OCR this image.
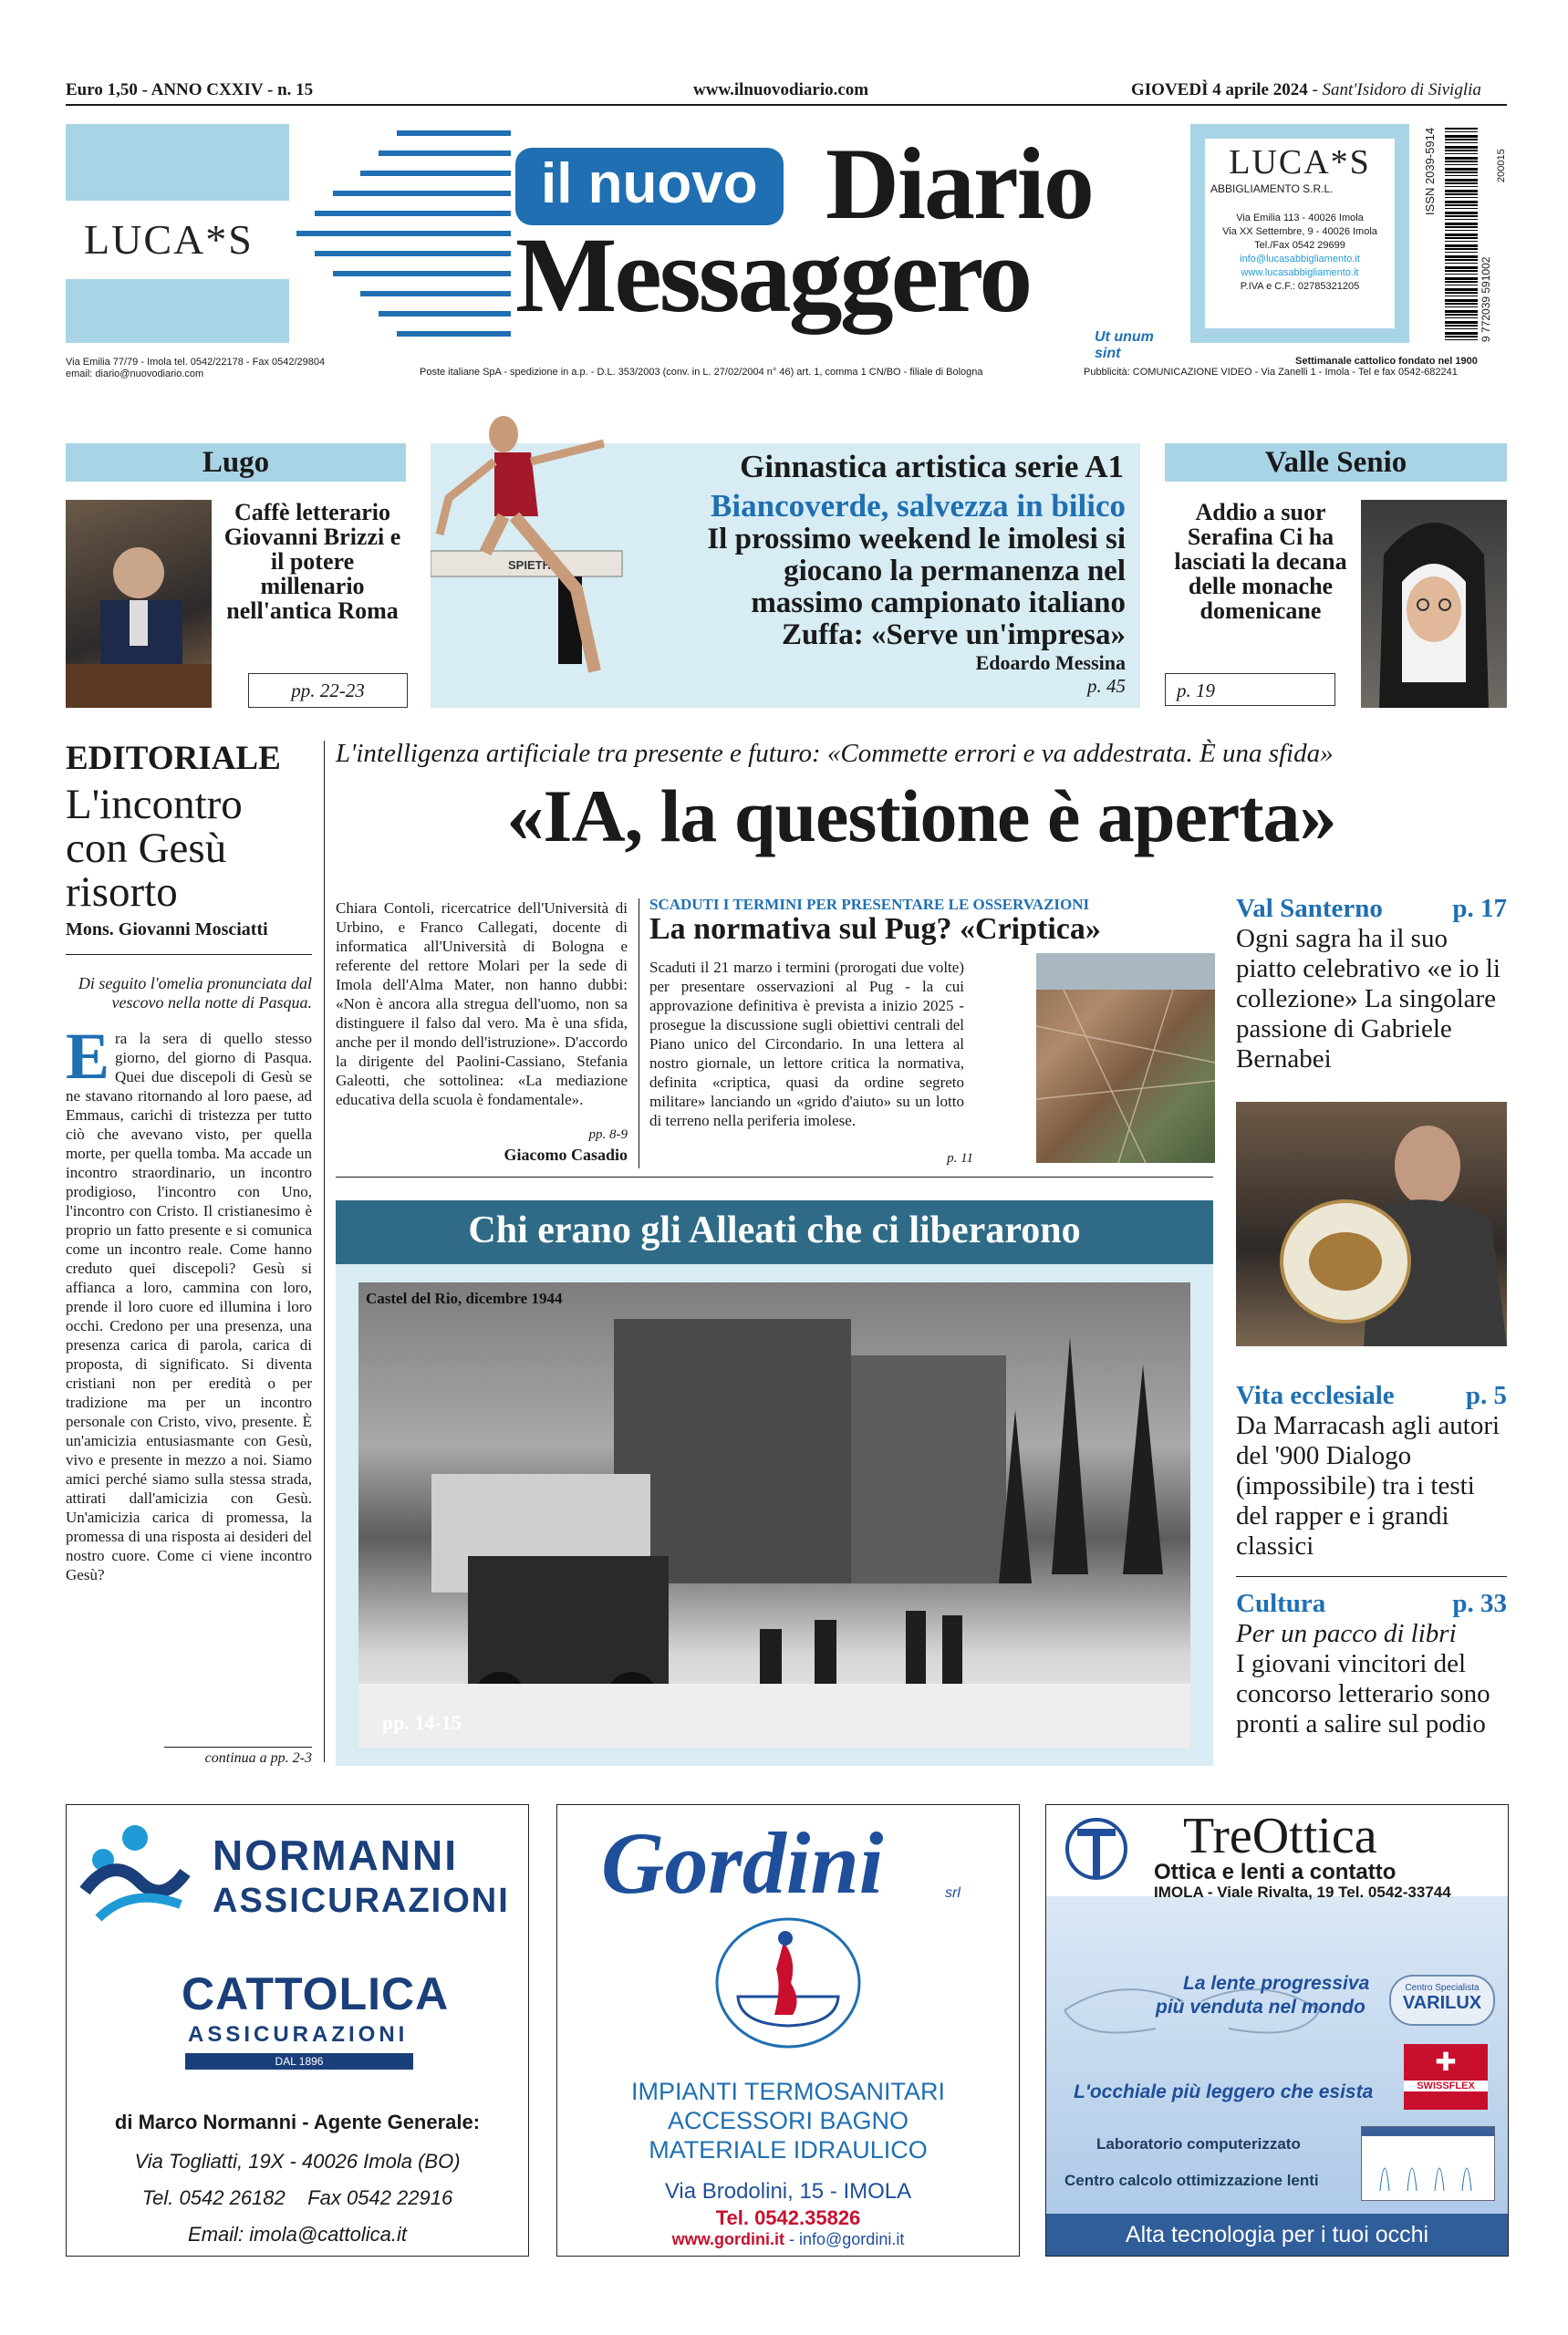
Euro 1,50 - ANNO CXXIV - n. 15	www.ilnuovodiario.com	GIOVEDÌ 4 aprile 2024 - Sant'Isidoro di Siviglia
LUCA*S
il nuovo Diario
Messaggero
Ut unum sint
LUCA*S
ABBIGLIAMENTO S.R.L.
Via Emilia 113 - 40026 Imola
Via XX Settembre, 9 - 40026 Imola
Tel./Fax 0542 29699
info@lucasabbigliamento.it
www.lucasabbigliamento.it
P.IVA e C.F.: 02785321205
ISSN 2039-5914
9 772039 591002
200015
Via Emilia 77/79 - Imola tel. 0542/22178 - Fax 0542/29804
email: diario@nuovodiario.com	Poste italiane SpA - spedizione in a.p. - D.L. 353/2003 (conv. in L. 27/02/2004 n° 46) art. 1, comma 1 CN/BO - filiale di Bologna
Settimanale cattolico fondato nel 1900
Pubblicità: COMUNICAZIONE VIDEO - Via Zanelli 1 - Imola - Tel e fax 0542-682241
Lugo
Caffè letterario Giovanni Brizzi e il potere millenario nell'antica Roma
pp. 22-23
SPIETH
Ginnastica artistica serie A1
Biancoverde, salvezza in bilico
Il prossimo weekend le imolesi si giocano la permanenza nel massimo campionato italiano Zuffa: «Serve un'impresa»
Edoardo Messina
p. 45
Valle Senio
Addio a suor Serafina Ci ha lasciati la decana delle monache domenicane
p. 19
EDITORIALE
L'incontro con Gesù risorto
Mons. Giovanni Mosciatti
Di seguito l'omelia pronunciata dal vescovo nella notte di Pasqua.
E ra la sera di quello stesso giorno, del giorno di Pasqua. Quei due discepoli di Gesù se ne stavano ritornando al loro paese, ad Emmaus, carichi di tristezza per tutto ciò che avevano visto, per quella morte, per quella tomba. Ma accade un incontro straordinario, un incontro prodigioso, l'incontro con Uno, l'incontro con Cristo. Il cristianesimo è proprio un fatto presente e si comunica come un incontro reale. Come hanno creduto quei discepoli? Gesù si affianca a loro, cammina con loro, prende il loro cuore ed illumina i loro occhi. Credono per una presenza, una presenza carica di parola, carica di proposta, di significato. Si diventa cristiani non per eredità o per tradizione ma per un incontro personale con Cristo, vivo, presente. È un'amicizia entusiasmante con Gesù, vivo e presente in mezzo a noi. Siamo amici perché siamo sulla stessa strada, attirati dall'amicizia con Gesù. Un'amicizia carica di promessa, la promessa di una risposta ai desideri del nostro cuore. Come ci viene incontro Gesù?
continua a pp. 2-3
L'intelligenza artificiale tra presente e futuro: «Commette errori e va addestrata. È una sfida»
«IA, la questione è aperta»
Chiara Contoli, ricercatrice dell'Università di Urbino, e Franco Callegati, docente di informatica all'Università di Bologna e referente del rettore Molari per la sede di Imola dell'Alma Mater, non hanno dubbi: «Non è ancora alla stregua dell'uomo, non sa distinguere il falso dal vero. Ma è una sfida, anche per il mondo dell'istruzione». D'accordo la dirigente del Paolini-Cassiano, Stefania Galeotti, che sottolinea: «La mediazione educativa della scuola è fondamentale».
pp. 8-9
Giacomo Casadio
SCADUTI I TERMINI PER PRESENTARE LE OSSERVAZIONI
La normativa sul Pug? «Criptica»
Scaduti il 21 marzo i termini (prorogati due volte) per presentare osservazioni al Pug - la cui approvazione definitiva è prevista a inizio 2025 - prosegue la discussione sugli obiettivi centrali del Piano unico del Circondario. In una lettera al nostro giornale, un lettore critica la normativa, definita «criptica, quasi da ordine segreto militare» lanciando un «grido d'aiuto» su un lotto di terreno nella periferia imolese.
p. 11
Chi erano gli Alleati che ci liberarono
Castel del Rio, dicembre 1944
pp. 14-15
Val Santerno	p. 17
Ogni sagra ha il suo piatto celebrativo «e io li collezione» La singolare passione di Gabriele Bernabei
Vita ecclesiale	p. 5
Da Marracash agli autori del '900 Dialogo (impossibile) tra i testi del rapper e i grandi classici
Cultura	p. 33
Per un pacco di libri
I giovani vincitori del concorso letterario sono pronti a salire sul podio
NORMANNI
ASSICURAZIONI
CATTOLICA
ASSICURAZIONI
DAL 1896
di Marco Normanni - Agente Generale:
Via Togliatti, 19X - 40026 Imola (BO)
Tel. 0542 26182    Fax 0542 22916
Email: imola@cattolica.it
Gordini	srl
IMPIANTI TERMOSANITARI
ACCESSORI BAGNO
MATERIALE IDRAULICO
Via Brodolini, 15 - IMOLA
Tel. 0542.35826
www.gordini.it - info@gordini.it
TreOttica
Ottica e lenti a contatto
IMOLA - Viale Rivalta, 19 Tel. 0542-33744
La lente progressiva
più venduta nel mondo
Centro Specialista
VARILUX
L'occhiale più leggero che esista
✚
SWISSFLEX
Laboratorio computerizzato
Centro calcolo ottimizzazione lenti
Alta tecnologia per i tuoi occhi
